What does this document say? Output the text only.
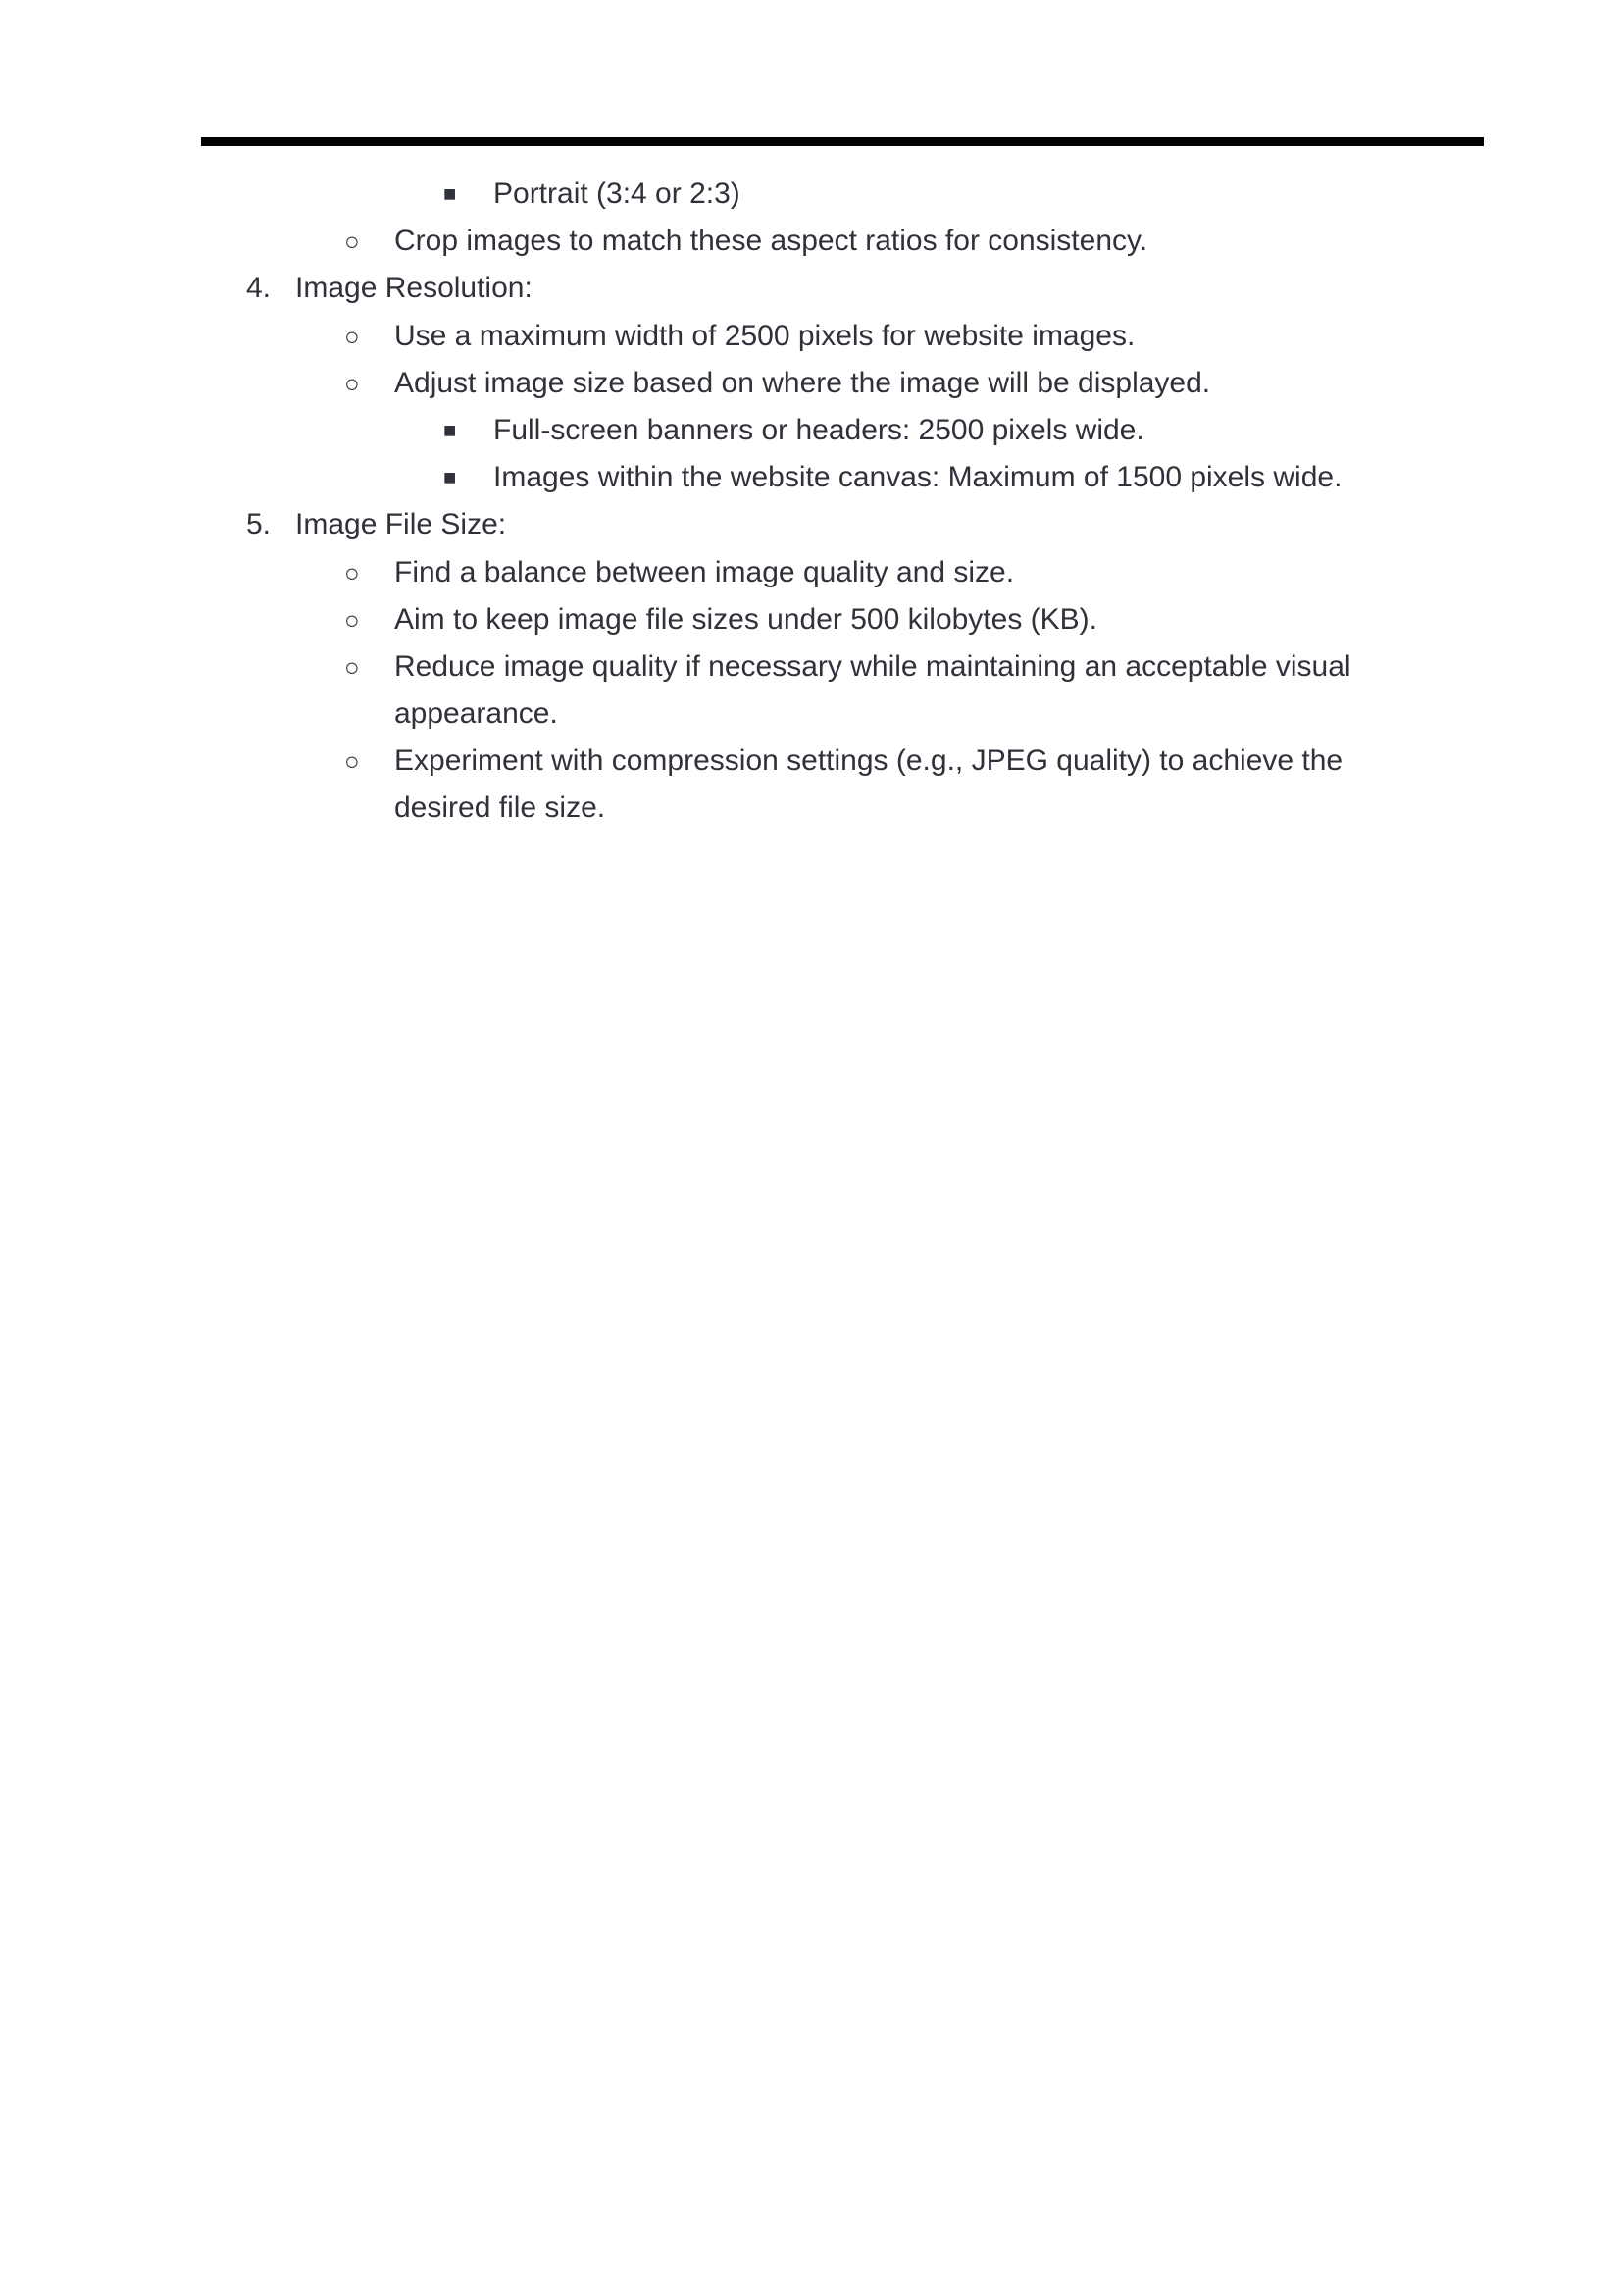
■ Portrait (3:4 or 2:3)
○ Crop images to match these aspect ratios for consistency.
4. Image Resolution:
○ Use a maximum width of 2500 pixels for website images.
○ Adjust image size based on where the image will be displayed.
■ Full-screen banners or headers: 2500 pixels wide.
■ Images within the website canvas: Maximum of 1500 pixels wide.
5. Image File Size:
○ Find a balance between image quality and size.
○ Aim to keep image file sizes under 500 kilobytes (KB).
○ Reduce image quality if necessary while maintaining an acceptable visual
appearance.
○ Experiment with compression settings (e.g., JPEG quality) to achieve the
desired file size.
